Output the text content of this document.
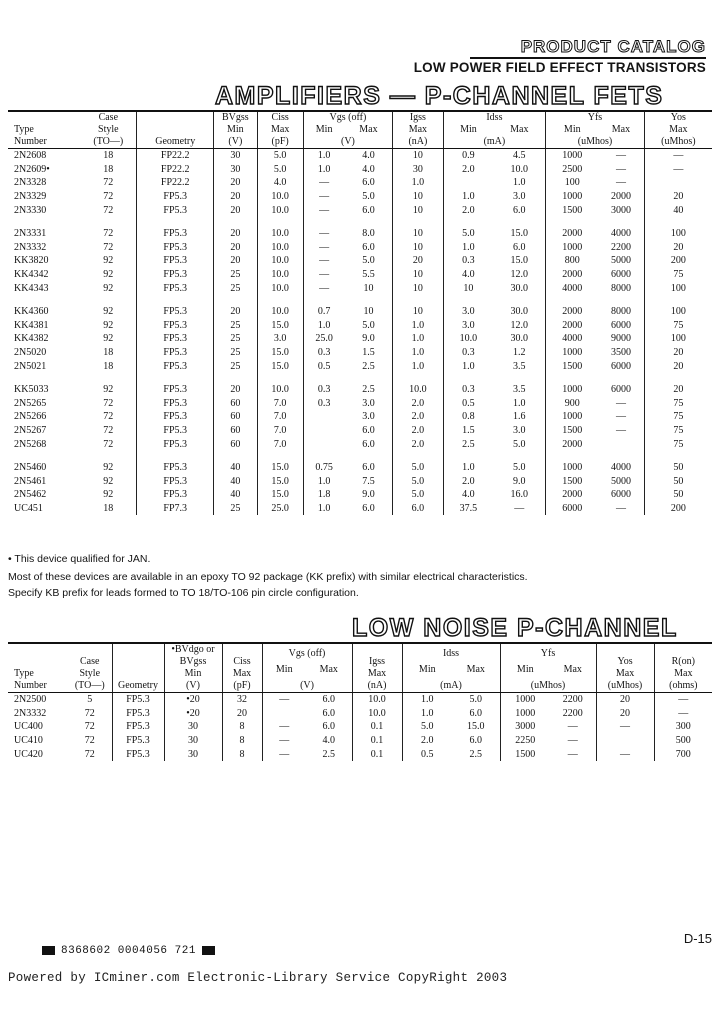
PRODUCT CATALOG
LOW POWER FIELD EFFECT TRANSISTORS
AMPLIFIERS — P-CHANNEL FETS
Type
Number	Case
Style
(TO—)	Geometry	BVgss
Min
(V)	Ciss
Max
(pF)	Vgs (off)		Igss
Max
(nA)	Idss		Yfs		Yos
Max
(uMhos)
					Min	Max		Min	Max	Min	Max	
					(V)			(mA)		(uMhos)		
2N2608	18	FP22.2	30	5.0	1.0	4.0	10	0.9	4.5	1000	—	—
2N2609•	18	FP22.2	30	5.0	1.0	4.0	30	2.0	10.0	2500	—	—
2N3328	72	FP22.2	20	4.0	—	6.0	1.0		1.0	100	—	
2N3329	72	FP5.3	20	10.0	—	5.0	10	1.0	3.0	1000	2000	20
2N3330	72	FP5.3	20	10.0	—	6.0	10	2.0	6.0	1500	3000	40
2N3331	72	FP5.3	20	10.0	—	8.0	10	5.0	15.0	2000	4000	100
2N3332	72	FP5.3	20	10.0	—	6.0	10	1.0	6.0	1000	2200	20
KK3820	92	FP5.3	20	10.0	—	5.0	20	0.3	15.0	800	5000	200
KK4342	92	FP5.3	25	10.0	—	5.5	10	4.0	12.0	2000	6000	75
KK4343	92	FP5.3	25	10.0	—	10	10	10	30.0	4000	8000	100
KK4360	92	FP5.3	20	10.0	0.7	10	10	3.0	30.0	2000	8000	100
KK4381	92	FP5.3	25	15.0	1.0	5.0	1.0	3.0	12.0	2000	6000	75
KK4382	92	FP5.3	25	3.0	25.0	9.0	1.0	10.0	30.0	4000	9000	100
2N5020	18	FP5.3	25	15.0	0.3	1.5	1.0	0.3	1.2	1000	3500	20
2N5021	18	FP5.3	25	15.0	0.5	2.5	1.0	1.0	3.5	1500	6000	20
KK5033	92	FP5.3	20	10.0	0.3	2.5	10.0	0.3	3.5	1000	6000	20
2N5265	72	FP5.3	60	7.0	0.3	3.0	2.0	0.5	1.0	900	—	75
2N5266	72	FP5.3	60	7.0		3.0	2.0	0.8	1.6	1000	—	75
2N5267	72	FP5.3	60	7.0		6.0	2.0	1.5	3.0	1500	—	75
2N5268	72	FP5.3	60	7.0		6.0	2.0	2.5	5.0	2000		75
2N5460	92	FP5.3	40	15.0	0.75	6.0	5.0	1.0	5.0	1000	4000	50
2N5461	92	FP5.3	40	15.0	1.0	7.5	5.0	2.0	9.0	1500	5000	50
2N5462	92	FP5.3	40	15.0	1.8	9.0	5.0	4.0	16.0	2000	6000	50
UC451	18	FP7.3	25	25.0	1.0	6.0	6.0	37.5	—	6000	—	200
• This device qualified for JAN.
Most of these devices are available in an epoxy TO 92 package (KK prefix) with similar electrical characteristics.
Specify KB prefix for leads formed to TO 18/TO-106 pin circle configuration.
LOW NOISE P-CHANNEL
Type
Number	Case
Style
(TO—)	Geometry	•BVdgo or
BVgss
Min
(V)	Ciss
Max
(pF)	Vgs (off)		Igss
Max
(nA)	Idss		Yfs		Yos
Max
(uMhos)	R(on)
Max
(ohms)
					Min	Max		Min	Max	Min	Max		
					(V)			(mA)		(uMhos)			
2N2500	5	FP5.3	•20	32	—	6.0	10.0	1.0	5.0	1000	2200	20	—
2N3332	72	FP5.3	•20	20		6.0	10.0	1.0	6.0	1000	2200	20	—
UC400	72	FP5.3	30	8	—	6.0	0.1	5.0	15.0	3000	—	—	300
UC410	72	FP5.3	30	8	—	4.0	0.1	2.0	6.0	2250	—		500
UC420	72	FP5.3	30	8	—	2.5	0.1	0.5	2.5	1500	—	—	700
D-15
8368602 0004056 721
Powered by ICminer.com Electronic-Library Service CopyRight 2003
